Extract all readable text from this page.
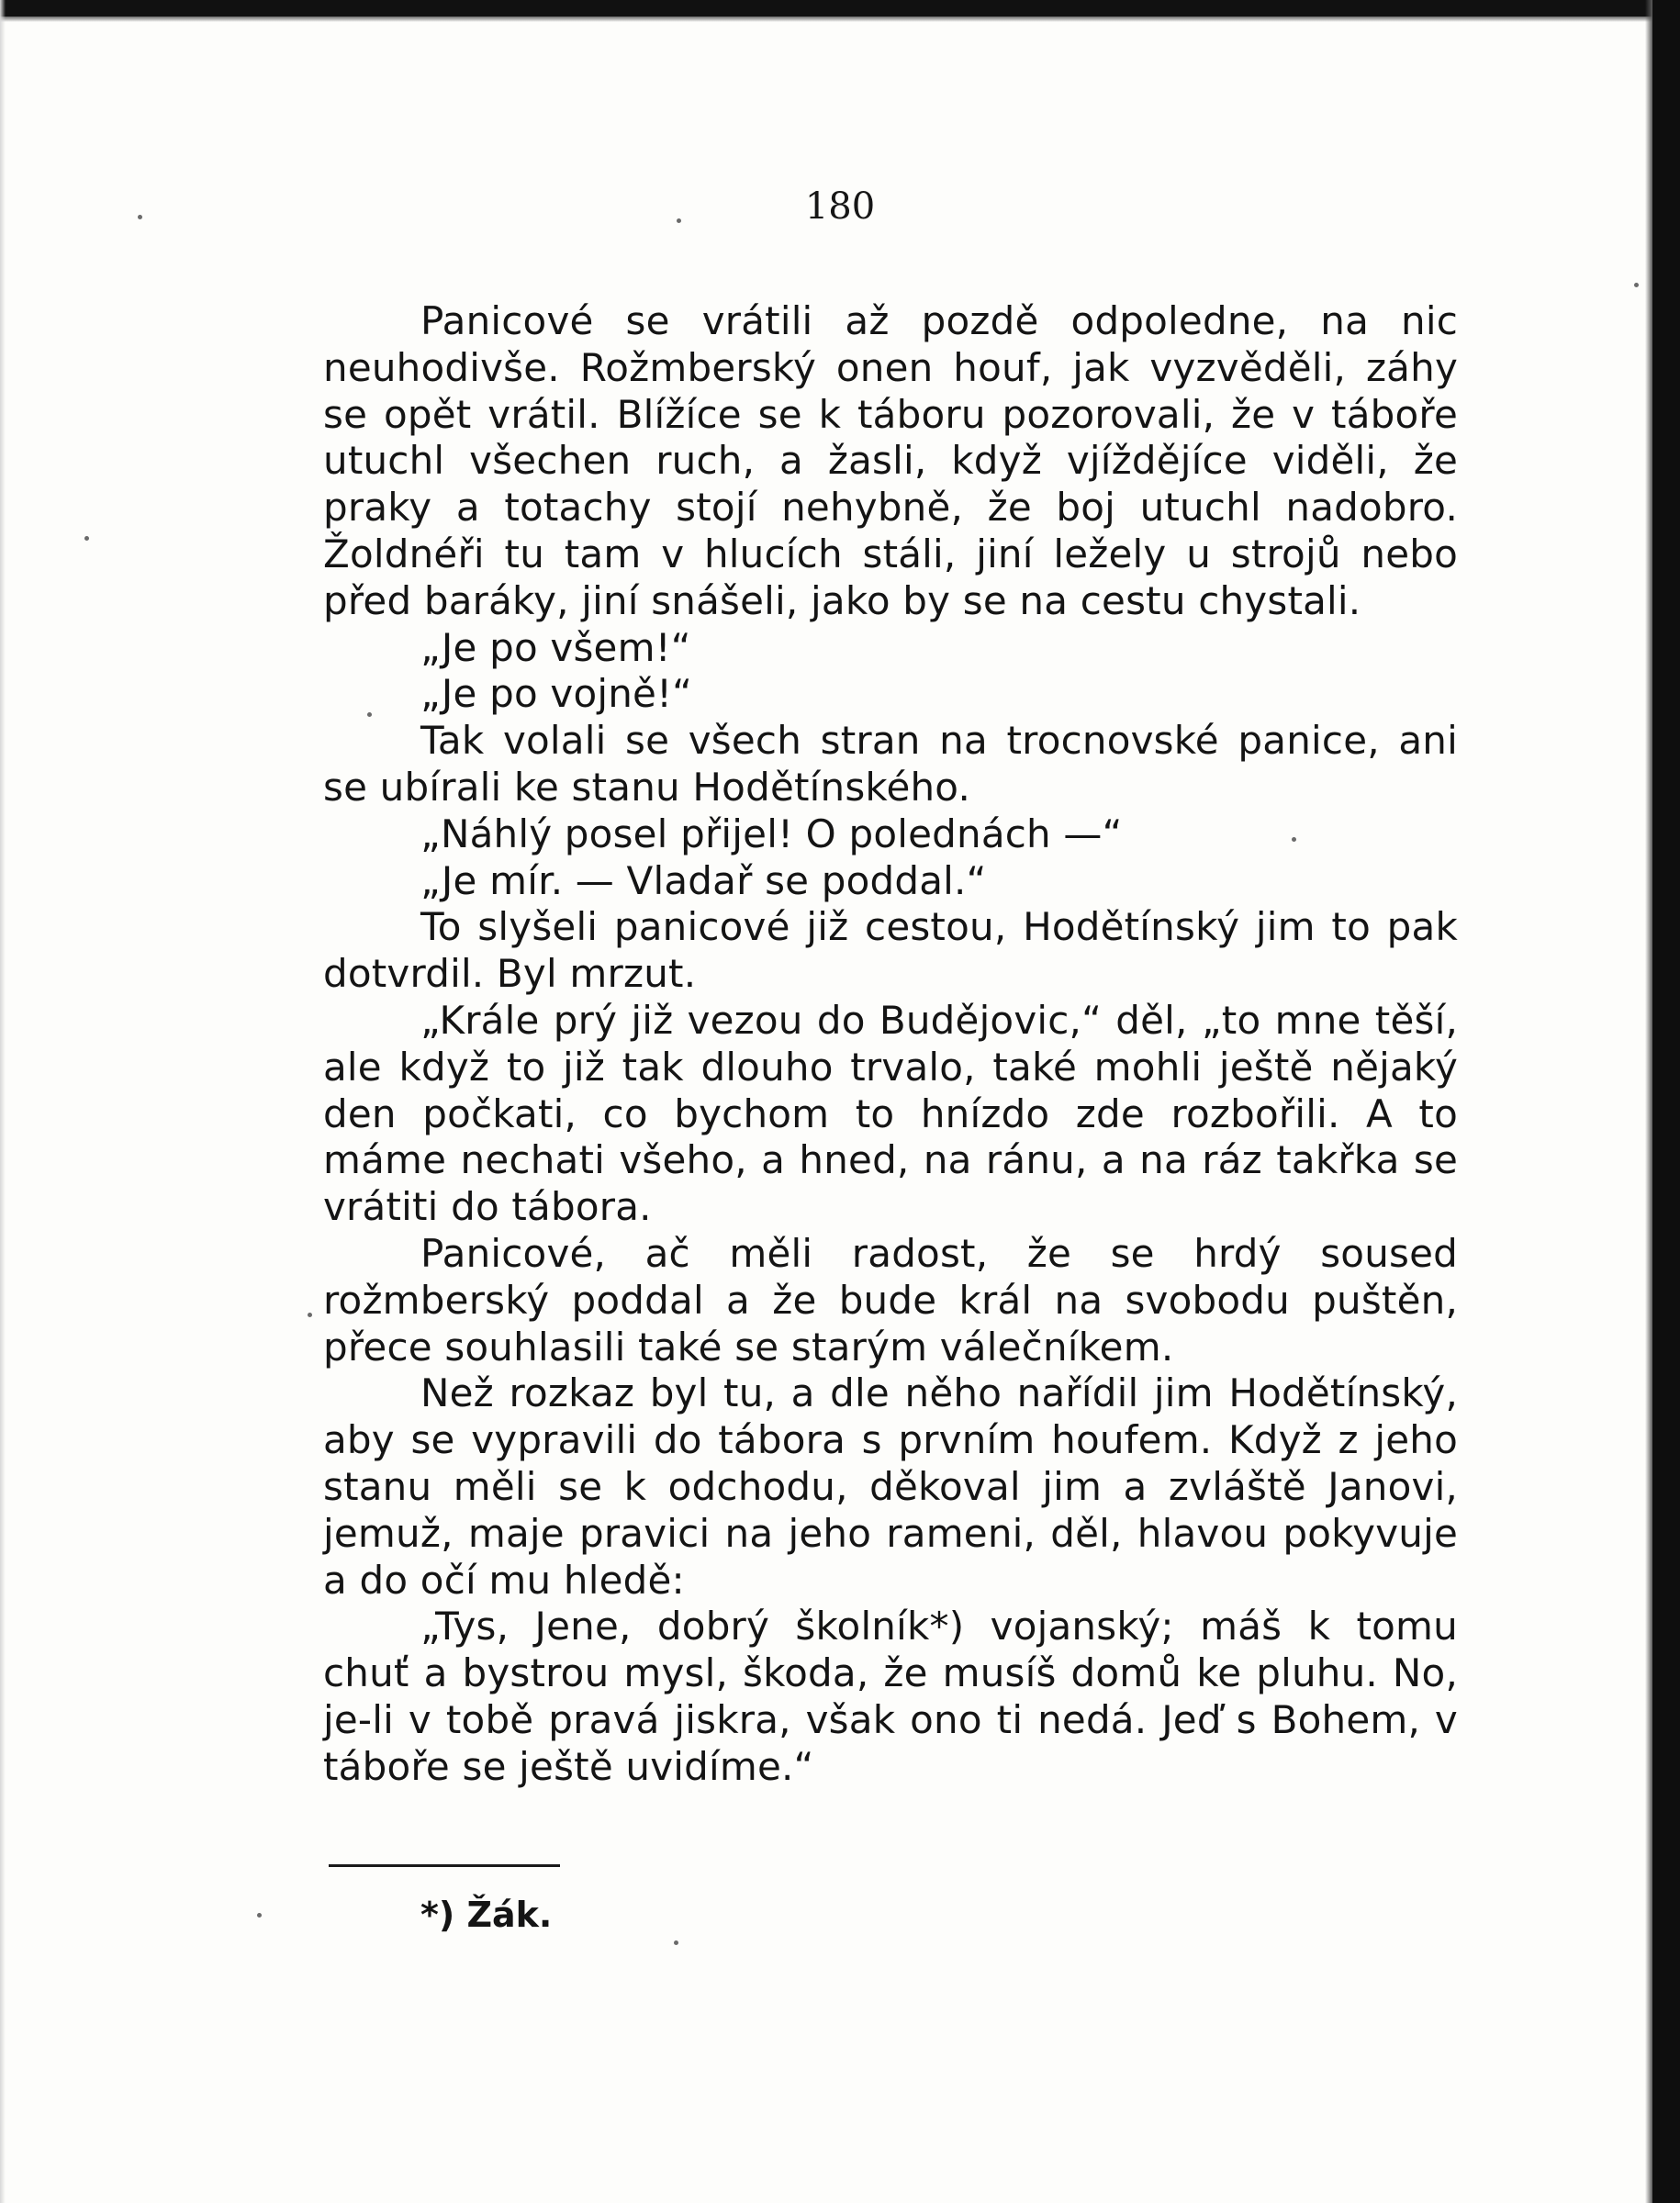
180

Panicové se vrátili až pozdě odpoledne, na nic neuhodivše. Rožmberský onen houf, jak vyzvěděli, záhy se opět vrátil. Blížíce se k táboru pozorovali, že v táboře utuchl všechen ruch, a žasli, když vjíždějíce viděli, že praky a totachy stojí nehybně, že boj utuchl nadobro. Žoldnéři tu tam v hlucích stáli, jiní ležely u strojů nebo před baráky, jiní snášeli, jako by se na cestu chystali.

„Je po všem!“

„Je po vojně!“

Tak volali se všech stran na trocnovské panice, ani se ubírali ke stanu Hodětínského.

„Náhlý posel přijel! O polednách —“

„Je mír. — Vladař se poddal.“

To slyšeli panicové již cestou, Hodětínský jim to pak dotvrdil. Byl mrzut.

„Krále prý již vezou do Budějovic,“ děl, „to mne těší, ale když to již tak dlouho trvalo, také mohli ještě nějaký den počkati, co bychom to hnízdo zde rozbořili. A to máme nechati všeho, a hned, na ránu, a na ráz takřka se vrátiti do tábora.

Panicové, ač měli radost, že se hrdý soused rožmberský poddal a že bude král na svobodu puštěn, přece souhlasili také se starým válečníkem.

Než rozkaz byl tu, a dle něho nařídil jim Hodětínský, aby se vypravili do tábora s prvním houfem. Když z jeho stanu měli se k odchodu, děkoval jim a zvláště Janovi, jemuž, maje pravici na jeho rameni, děl, hlavou pokyvuje a do očí mu hledě:

„Tys, Jene, dobrý školník*) vojanský; máš k tomu chuť a bystrou mysl, škoda, že musíš domů ke pluhu. No, je-li v tobě pravá jiskra, však ono ti nedá. Jeď s Bohem, v táboře se ještě uvidíme.“

*) Žák.
